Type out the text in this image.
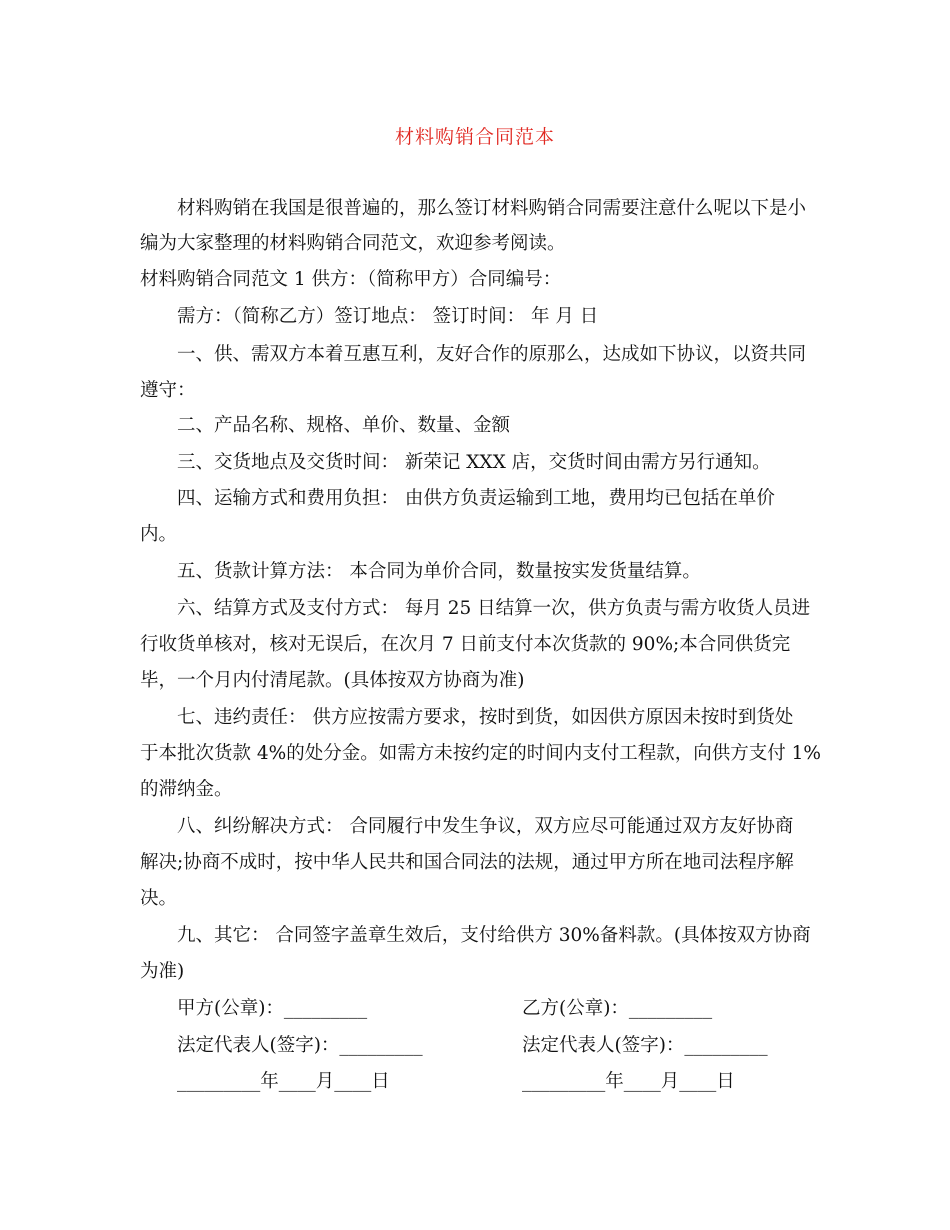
材料购销合同范本
材料购销在我国是很普遍的，那么签订材料购销合同需要注意什么呢以下是小
编为大家整理的材料购销合同范文，欢迎参考阅读。
材料购销合同范文 1 供方：（简称甲方）合同编号：
需方：（简称乙方）签订地点： 签订时间： 年 月 日
一、供、需双方本着互惠互利，友好合作的原那么，达成如下协议，以资共同
遵守：
二、产品名称、规格、单价、数量、金额
三、交货地点及交货时间： 新荣记 XXX 店，交货时间由需方另行通知。
四、运输方式和费用负担： 由供方负责运输到工地，费用均已包括在单价
内。
五、货款计算方法： 本合同为单价合同，数量按实发货量结算。
六、结算方式及支付方式： 每月 25 日结算一次，供方负责与需方收货人员进
行收货单核对，核对无误后，在次月 7 日前支付本次货款的 90%;本合同供货完
毕，一个月内付清尾款。(具体按双方协商为准)
七、违约责任： 供方应按需方要求，按时到货，如因供方原因未按时到货处
于本批次货款 4%的处分金。如需方未按约定的时间内支付工程款，向供方支付 1%
的滞纳金。
八、纠纷解决方式： 合同履行中发生争议，双方应尽可能通过双方友好协商
解决;协商不成时，按中华人民共和国合同法的法规，通过甲方所在地司法程序解
决。
九、其它： 合同签字盖章生效后，支付给供方 30%备料款。(具体按双方协商
为准)
甲方(公章)：_________	乙方(公章)：_________
法定代表人(签字)：_________	法定代表人(签字)：_________
_________年____月____日	_________年____月____日
